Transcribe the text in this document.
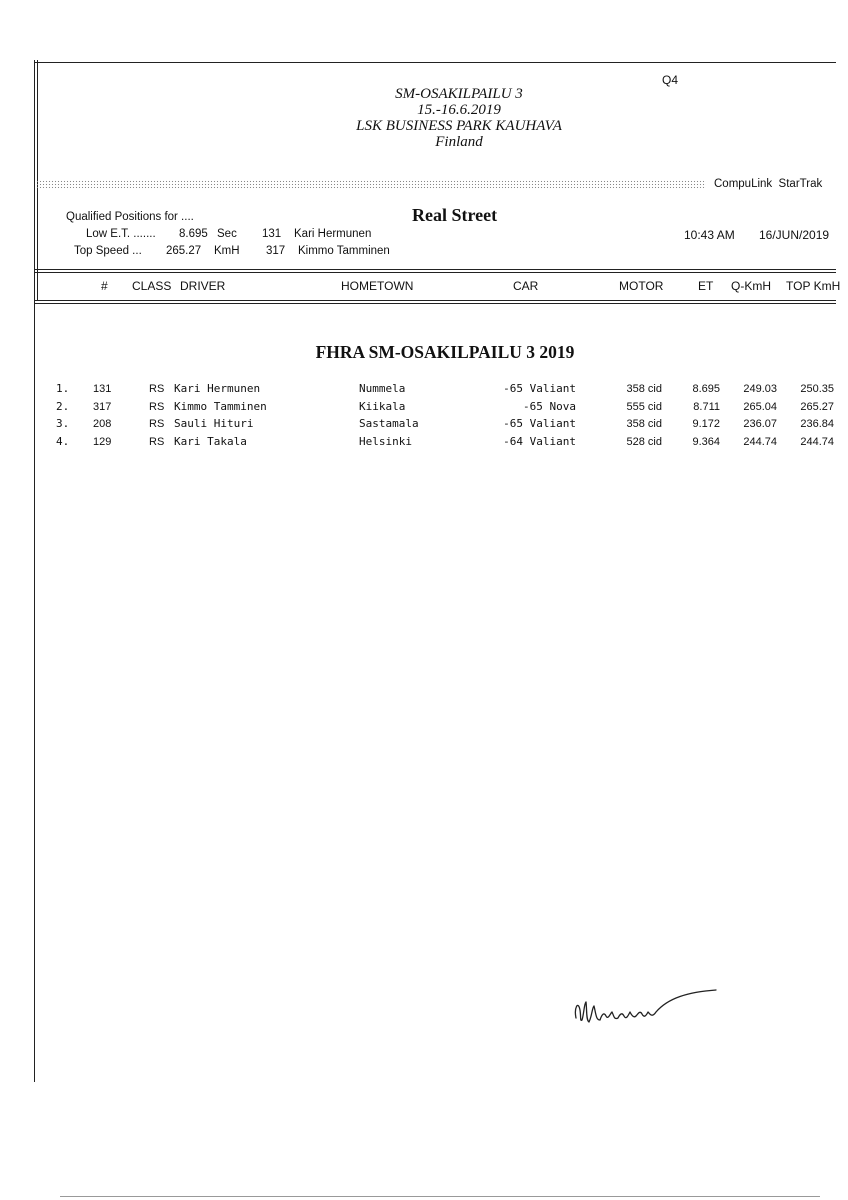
Q4
SM-OSAKILPAILU 3
15.-16.6.2019
LSK BUSINESS PARK KAUHAVA
Finland
CompuLink  StarTrak
Qualified Positions for ....	Real Street
Low E.T. ....... 8.695 Sec 131 Kari Hermunen
Top Speed ... 265.27 KmH 317 Kimmo Tamminen
10:43 AM 16/JUN/2019
# CLASS DRIVER	HOMETOWN	CAR	MOTOR	ET Q-KmH TOP KmH
FHRA SM-OSAKILPAILU 3 2019
1. 131	RS Kari Hermunen	Nummela	-65 Valiant	358 cid	8.695 249.03 250.35
2. 317	RS Kimmo Tamminen	Kiikala	-65 Nova	555 cid	8.711 265.04 265.27
3. 208	RS Sauli Hituri	Sastamala	-65 Valiant	358 cid	9.172 236.07 236.84
4. 129	RS Kari Takala	Helsinki	-64 Valiant	528 cid	9.364 244.74 244.74
